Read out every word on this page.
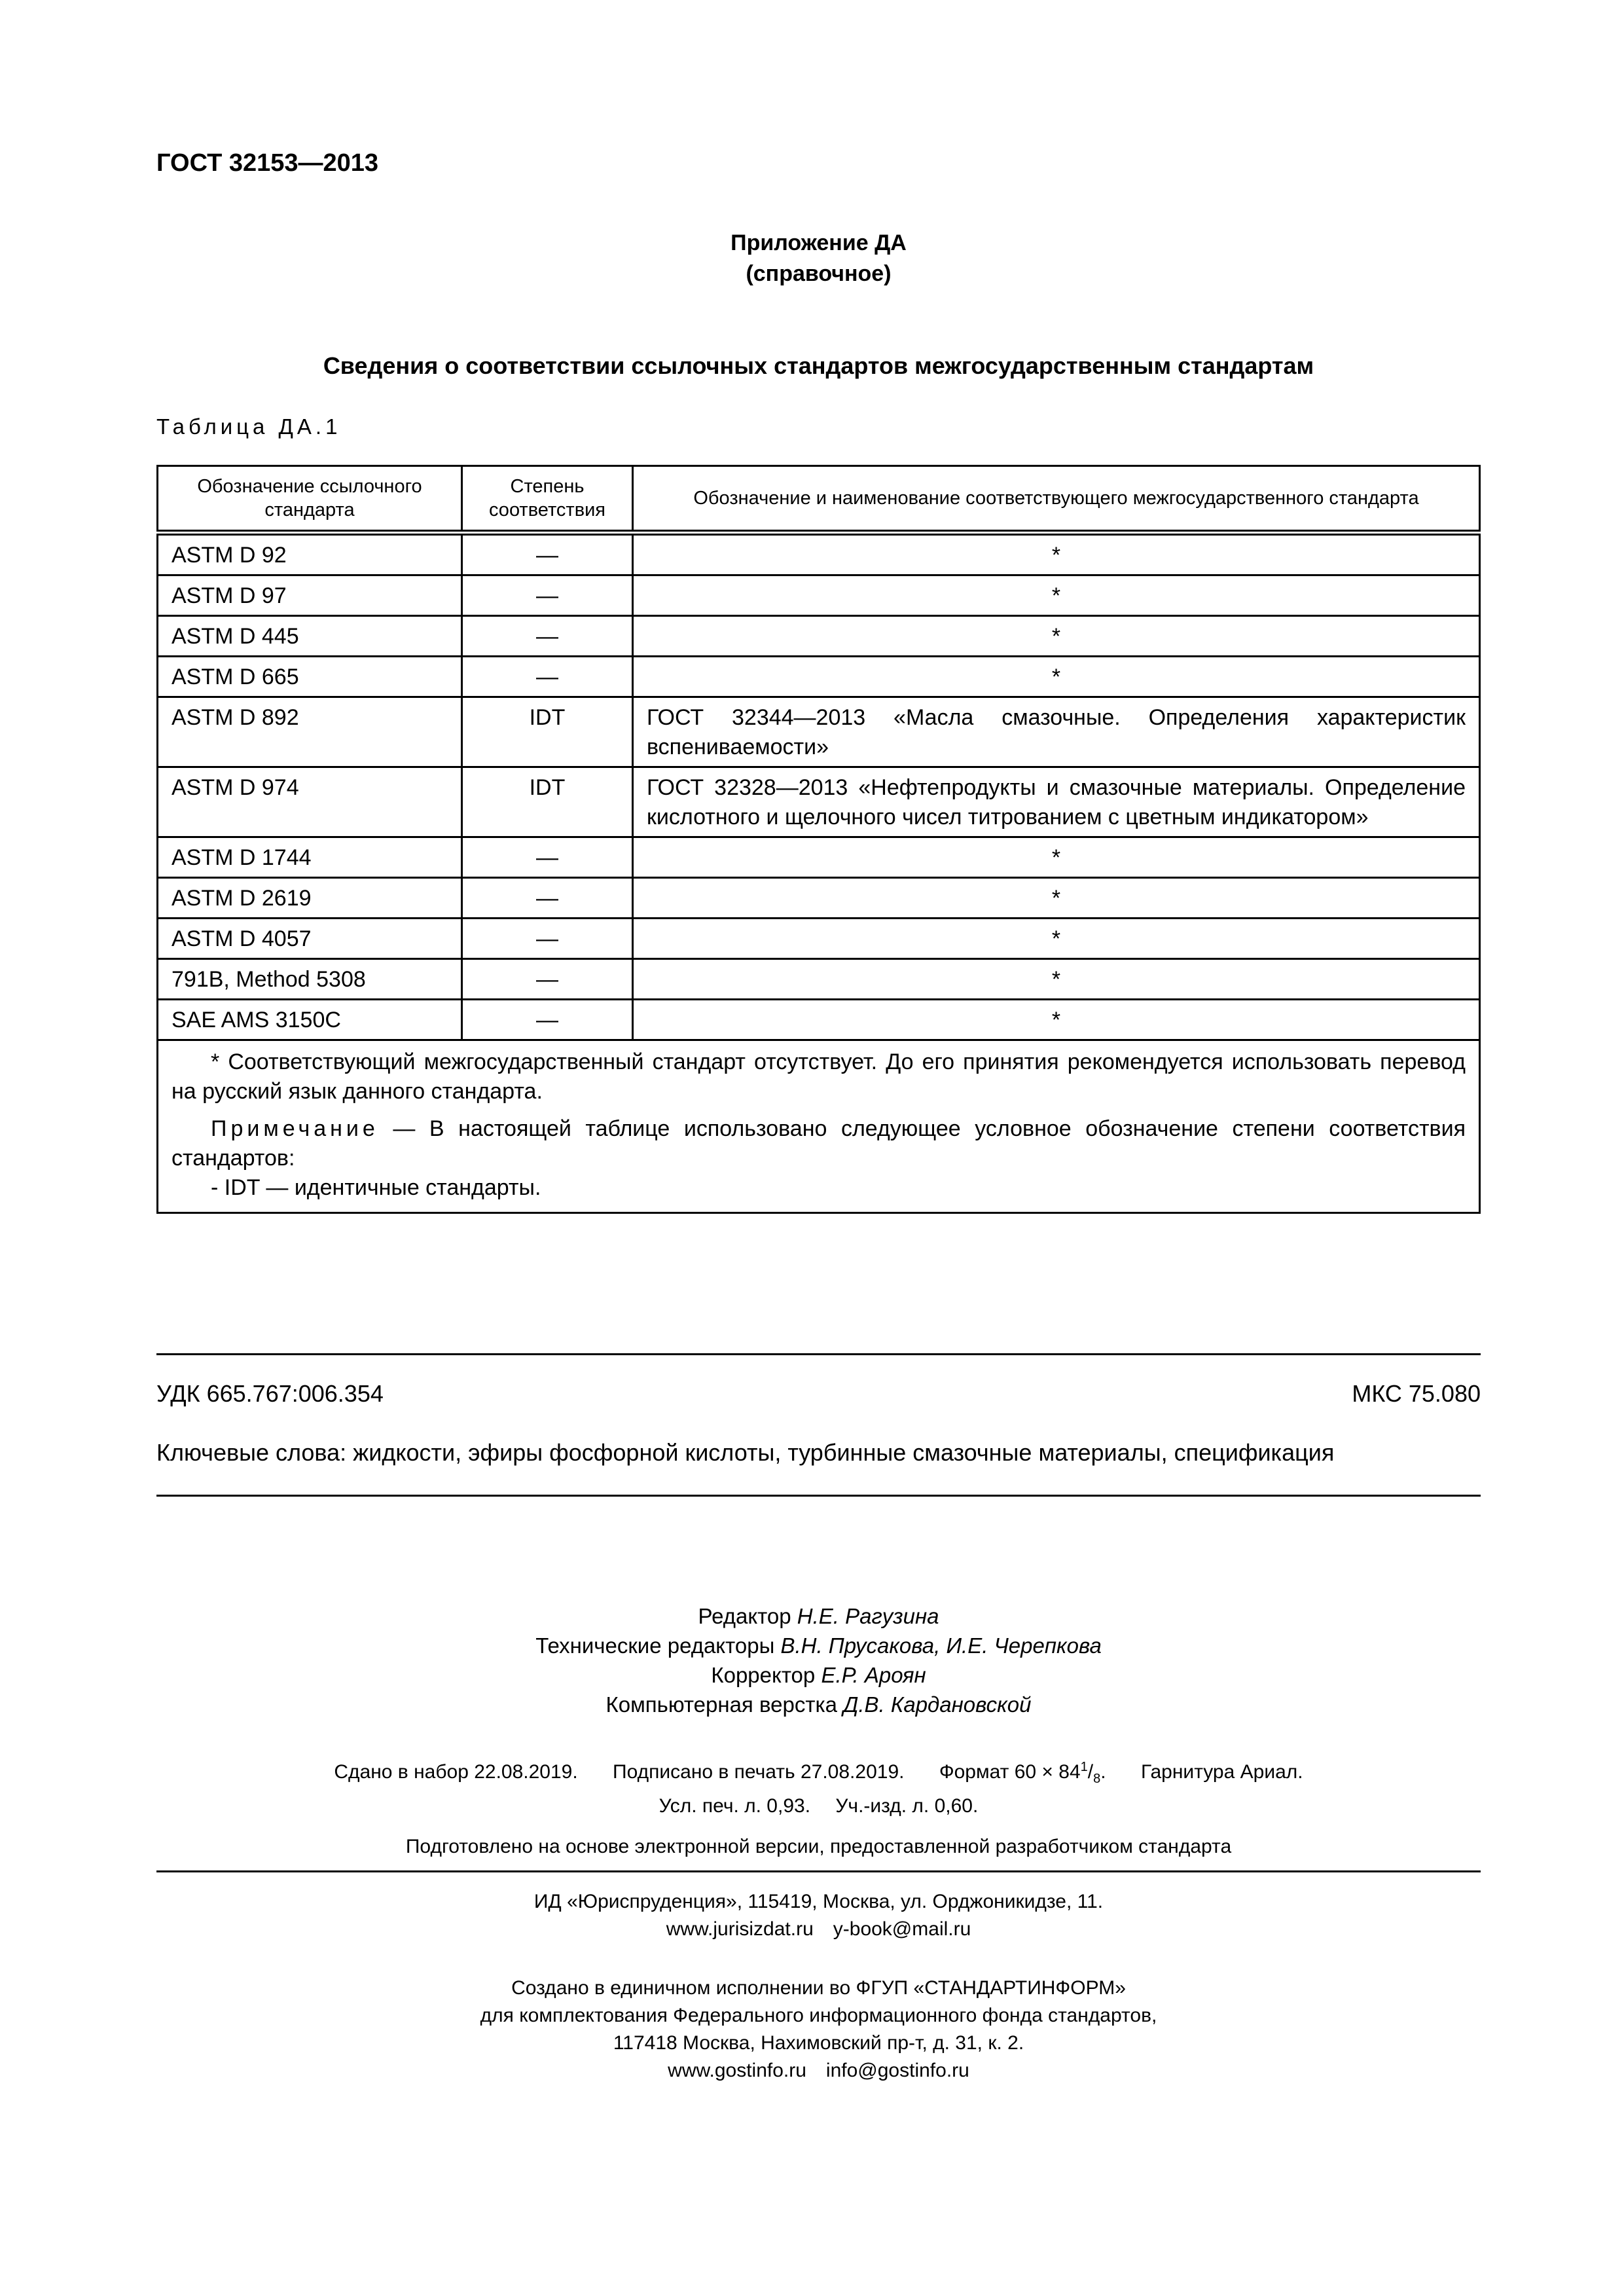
ГОСТ 32153—2013
Приложение ДА
(справочное)
Сведения о соответствии ссылочных стандартов межгосударственным стандартам
Таблица ДА.1
Обозначение ссылочного стандарта	Степень соответствия	Обозначение и наименование соответствующего межгосударственного стандарта
ASTM D 92	—	*
ASTM D 97	—	*
ASTM D 445	—	*
ASTM D 665	—	*
ASTM D 892	IDT	ГОСТ 32344—2013 «Масла смазочные. Определения характеристик вспениваемости»
ASTM D 974	IDT	ГОСТ 32328—2013 «Нефтепродукты и смазочные материалы. Определение кислотного и щелочного чисел титрованием с цветным индикатором»
ASTM D 1744	—	*
ASTM D 2619	—	*
ASTM D 4057	—	*
791B, Method 5308	—	*
SAE AMS 3150C	—	*

* Соответствующий межгосударственный стандарт отсутствует. До его принятия рекомендуется использовать перевод на русский язык данного стандарта.
Примечание — В настоящей таблице использовано следующее условное обозначение степени соответствия стандартов:
- IDT — идентичные стандарты.		
УДК 665.767:006.354	МКС 75.080
Ключевые слова: жидкости, эфиры фосфорной кислоты, турбинные смазочные материалы, спецификация
Редактор Н.Е. Рагузина
Технические редакторы В.Н. Прусакова, И.Е. Черепкова
Корректор Е.Р. Ароян
Компьютерная верстка Д.В. Кардановской
Сдано в набор 22.08.2019.   Подписано в печать 27.08.2019.   Формат $60 \times 84^1/_8$.   Гарнитура Ариал.
Усл. печ. л. 0,93.  Уч.-изд. л. 0,60.
Подготовлено на основе электронной версии, предоставленной разработчиком стандарта
ИД «Юриспруденция», 115419, Москва, ул. Орджоникидзе, 11.
www.jurisizdat.ru  y-book@mail.ru
Создано в единичном исполнении во ФГУП «СТАНДАРТИНФОРМ»
для комплектования Федерального информационного фонда стандартов,
117418 Москва, Нахимовский пр-т, д. 31, к. 2.
www.gostinfo.ru  info@gostinfo.ru
